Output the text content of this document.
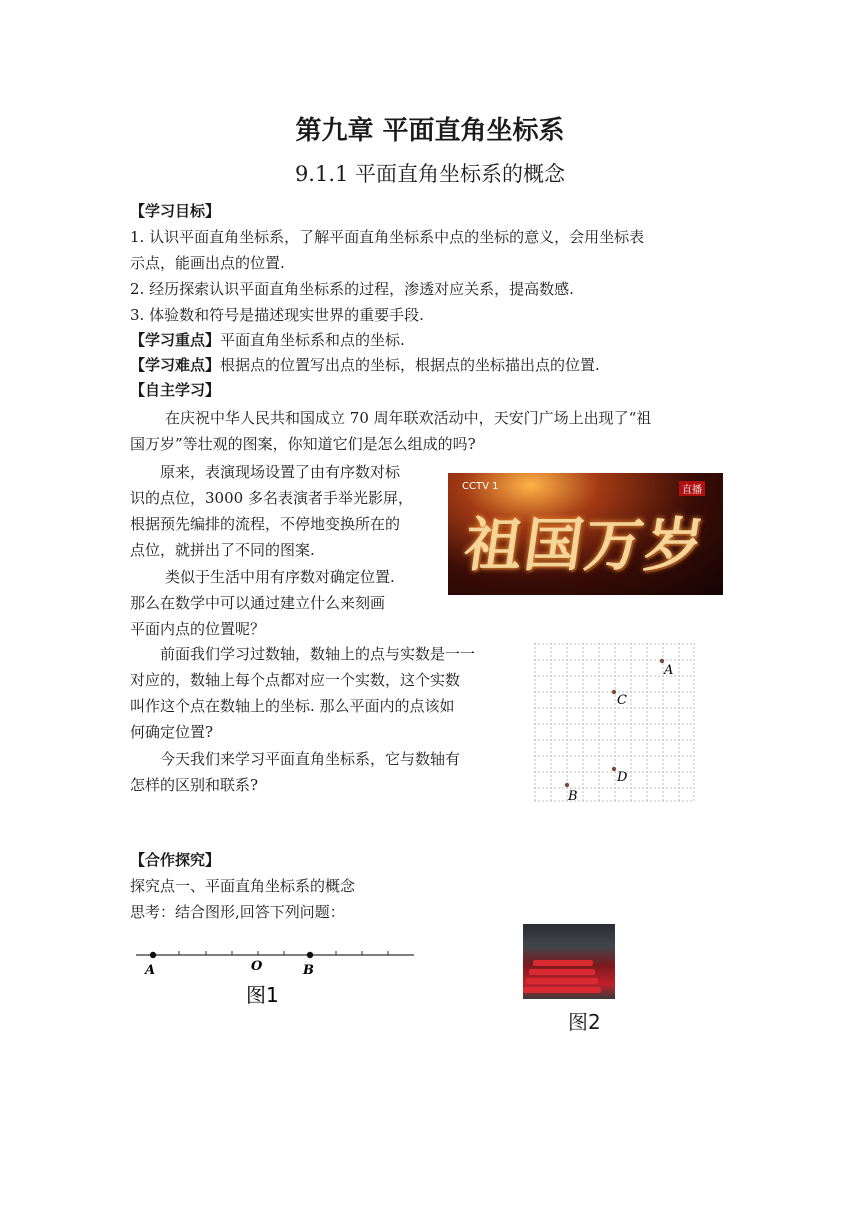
第九章 平面直角坐标系
9.1.1 平面直角坐标系的概念
【学习目标】
1. 认识平面直角坐标系，了解平面直角坐标系中点的坐标的意义，会用坐标表
示点，能画出点的位置.
2. 经历探索认识平面直角坐标系的过程，渗透对应关系，提高数感.
3. 体验数和符号是描述现实世界的重要手段.
【学习重点】平面直角坐标系和点的坐标.
【学习难点】根据点的位置写出点的坐标，根据点的坐标描出点的位置.
【自主学习】
在庆祝中华人民共和国成立 70 周年联欢活动中，天安门广场上出现了“祖
国万岁”等壮观的图案，你知道它们是怎么组成的吗?
原来，表演现场设置了由有序数对标
识的点位，3000 多名表演者手举光影屏，
根据预先编排的流程，不停地变换所在的
点位，就拼出了不同的图案.
类似于生活中用有序数对确定位置.
那么在数学中可以通过建立什么来刻画
平面内点的位置呢？
CCTV 1	直播
祖国万岁
前面我们学习过数轴，数轴上的点与实数是一一
对应的，数轴上每个点都对应一个实数，这个实数
叫作这个点在数轴上的坐标. 那么平面内的点该如
何确定位置?
今天我们来学习平面直角坐标系，它与数轴有
怎样的区别和联系?
A
C
D
B
【合作探究】
探究点一、平面直角坐标系的概念
思考：结合图形,回答下列问题：
A	O	B
图1
图2
